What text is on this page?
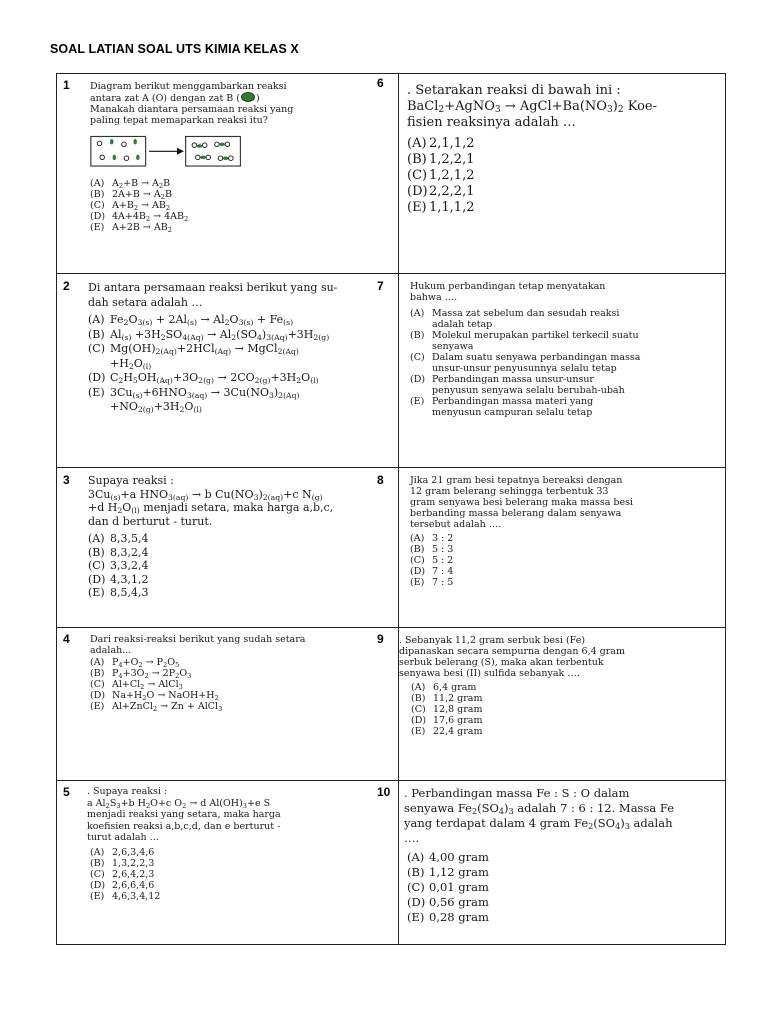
SOAL LATIAN SOAL UTS KIMIA KELAS X
1 Diagram berikut menggambarkan reaksi antara zat A (O) dengan zat B ( ) Manakah diantara persamaan reaksi yang paling tepat memaparkan reaksi itu?

(A) $A_2+B \to A_2B$
(B) $2A+B \to A_2B$
(C) $A+B_2 \to AB_2$
(D) $4A+4B_2 \to 4AB_2$
(E) $A+2B \to AB_2$
6 . Setarakan reaksi di bawah ini :
BaCl$_2$+AgNO$_3$ → $AgCl+Ba(NO_3)_2$ Koe-
fisien reaksinya adalah …

(A) 2,1,1,2
(B) 1,2,2,1
(C) 1,2,1,2
(D) 2,2,2,1
(E) 1,1,1,2
2 Di antara persamaan reaksi berikut yang su-dah setara adalah …

(A) $Fe_2O_{3(s)} + 2Al_{(s)} \to Al_2O_{3(s)} + Fe_{(s)}$
(B) $Al_{(s)} +3H_2SO_{4(Aq)} \to Al_2(SO_4)_{3(Aq)}+3H_{2(g)}$
(C) $Mg(OH)_{2(Aq)}+2HCl_{(Aq)}$ → MgCl$_{2(Aq)}$
$+H_2O_{(l)}$
(D) $C_2H_5OH_{(Aq)}+3O_{2(g)} \to 2CO_{2(g)}+3H_2O_{(l)}$
(E) $3Cu_{(s)}+6HNO_{3(aq)} \to 3Cu(NO_3)_{2(Aq)}$
$+NO_{2(g)}+3H_2O_{(l)}$
7	Hukum perbandingan tetap menyatakan bahwa ….

(A) Massa zat sebelum dan sesudah reaksi adalah tetap
(B) Molekul merupakan partikel terkecil suatu senyawa
(C) Dalam suatu senyawa perbandingan massa unsur-unsur penyusunnya selalu tetap
(D) Perbandingan massa unsur-unsur penyusun senyawa selalu berubah-ubah
(E) Perbandingan massa materi yang menyusun campuran selalu tetap
3 Supaya reaksi :
$3Cu_{(s)}+a$ $HNO_{3(aq)} \to b$ $Cu(NO_3)_{2(aq)}+c$ $N_{(g)}$
+d $H_2O_{(l)}$ menjadi setara, maka harga a,b,c,
dan d berturut - turut.

(A) 8,3,5,4
(B) 8,3,2,4
(C) 3,3,2,4
(D) 4,3,1,2
(E) 8,5,4,3
8	Jika 21 gram besi tepatnya bereaksi dengan 12 gram belerang sehingga terbentuk 33 gram senyawa besi belerang maka massa besi berbanding massa belerang dalam senyawa tersebut adalah ….

(A) 3 : 2
(B) 5 : 3
(C) 5 : 2
(D) 7 : 4
(E) 7 : 5
4 Dari reaksi-reaksi berikut yang sudah setara adalah...

(A) $P_4+O_2 \to P_2O_5$
(B) $P_4+3O_2 \to 2P_2O_3$
(C) $Al+Cl_2$ → AlCl$_3$
(D) $Na+H_2O$ → $NaOH+H_2$
(E) Al+ZnCl$_2$ → Zn + AlCl$_3$
9 . Sebanyak 11,2 gram serbuk besi (Fe) dipanaskan secara sempurna dengan 6,4 gram serbuk belerang (S), maka akan terbentuk senyawa besi (II) sulfida sebanyak ….

(A) 6,4 gram
(B) 11,2 gram
(C) 12,8 gram
(D) 17,6 gram
(E) 22,4 gram
5 . Supaya reaksi :
a $Al_2S_3+b$ $H_2O+c$ $O_2 \to d$ $Al(OH)_3+e$ S
menjadi reaksi yang setara, maka harga
koefisien reaksi a,b,c,d, dan e berturut -
turut adalah ...

(A) 2,6,3,4,6
(B) 1,3,2,2,3
(C) 2,6,4,2,3
(D) 2,6,6,4,6
(E) 4,6,3,4,12
10 . Perbandingan massa Fe : S : O dalam
senyawa $Fe_2(SO_4)_3$ adalah 7 : 6 : 12. Massa Fe
yang terdapat dalam 4 gram $Fe_2(SO_4)_3$ adalah
….

(A) 4,00 gram
(B) 1,12 gram
(C) 0,01 gram
(D) 0,56 gram
(E) 0,28 gram
